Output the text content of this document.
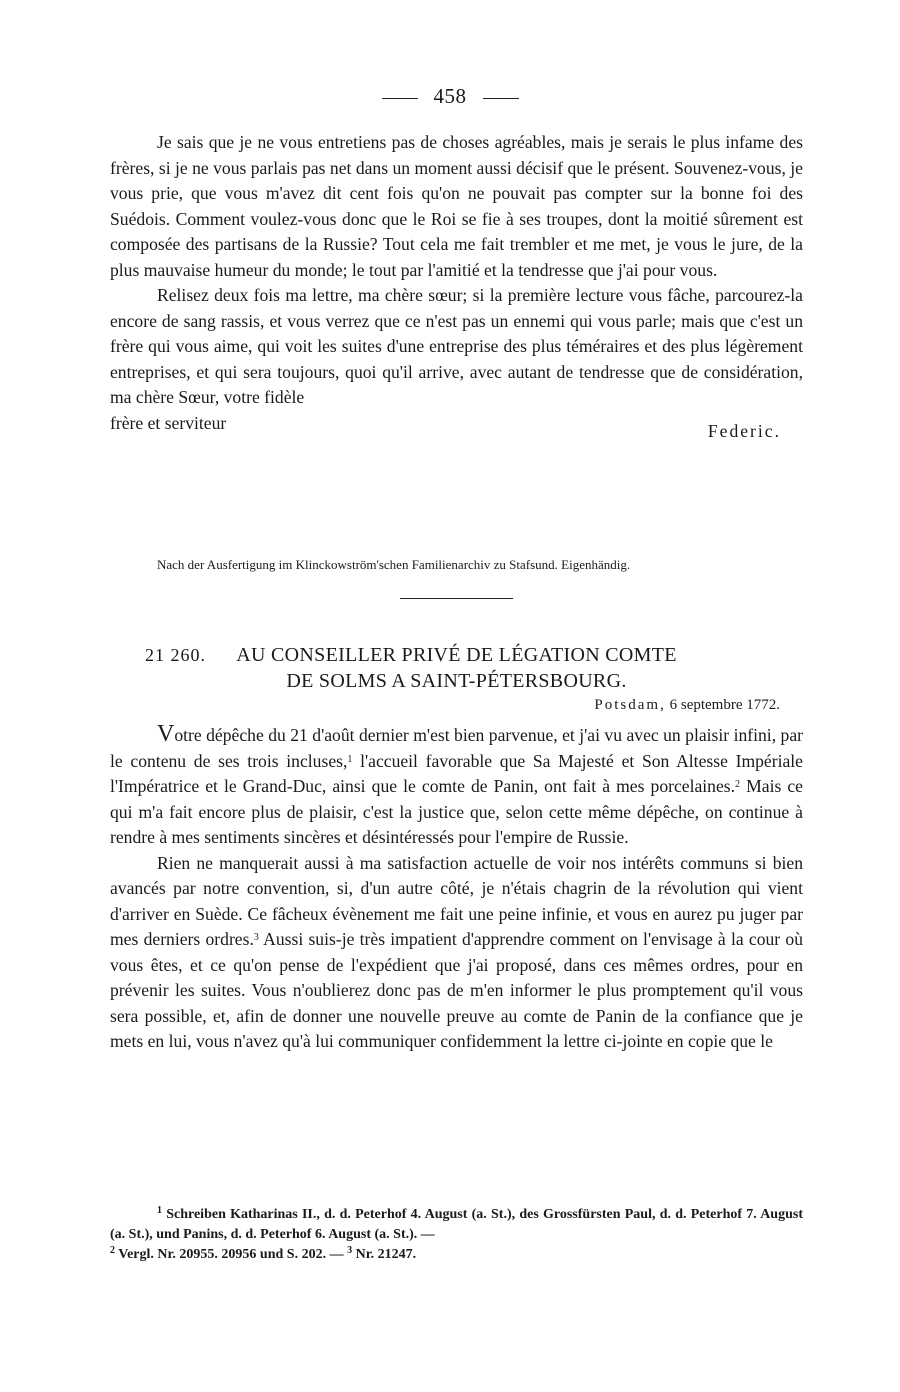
458

Je sais que je ne vous entretiens pas de choses agréables, mais je serais le plus infame des frères, si je ne vous parlais pas net dans un moment aussi décisif que le présent. Souvenez-vous, je vous prie, que vous m'avez dit cent fois qu'on ne pouvait pas compter sur la bonne foi des Suédois. Comment voulez-vous donc que le Roi se fie à ses troupes, dont la moitié sûrement est composée des partisans de la Russie? Tout cela me fait trembler et me met, je vous le jure, de la plus mauvaise humeur du monde; le tout par l'amitié et la tendresse que j'ai pour vous.

Relisez deux fois ma lettre, ma chère sœur; si la première lecture vous fâche, parcourez-la encore de sang rassis, et vous verrez que ce n'est pas un ennemi qui vous parle; mais que c'est un frère qui vous aime, qui voit les suites d'une entreprise des plus téméraires et des plus légèrement entreprises, et qui sera toujours, quoi qu'il arrive, avec autant de tendresse que de considération, ma chère Sœur, votre fidèle

frère et serviteur	Federic.
Nach der Ausfertigung im Klinckowström'schen Familienarchiv zu Stafsund. Eigenhändig.
21 260.	AU CONSEILLER PRIVÉ DE LÉGATION COMTE
DE SOLMS A SAINT-PÉTERSBOURG.
Potsdam, 6 septembre 1772.

Votre dépêche du 21 d'août dernier m'est bien parvenue, et j'ai vu avec un plaisir infini, par le contenu de ses trois incluses,$^1$ l'accueil favorable que Sa Majesté et Son Altesse Impériale l'Impératrice et le Grand-Duc, ainsi que le comte de Panin, ont fait à mes porcelaines.$^2$ Mais ce qui m'a fait encore plus de plaisir, c'est la justice que, selon cette même dépêche, on continue à rendre à mes sentiments sincères et désintéressés pour l'empire de Russie.

Rien ne manquerait aussi à ma satisfaction actuelle de voir nos intérêts communs si bien avancés par notre convention, si, d'un autre côté, je n'étais chagrin de la révolution qui vient d'arriver en Suède. Ce fâcheux évènement me fait une peine infinie, et vous en aurez pu juger par mes derniers ordres.$^3$ Aussi suis-je très impatient d'apprendre comment on l'envisage à la cour où vous êtes, et ce qu'on pense de l'expédient que j'ai proposé, dans ces mêmes ordres, pour en prévenir les suites. Vous n'oublierez donc pas de m'en informer le plus promptement qu'il vous sera possible, et, afin de donner une nouvelle preuve au comte de Panin de la confiance que je mets en lui, vous n'avez qu'à lui communiquer confidemment la lettre ci-jointe en copie que le

$^1$ Schreiben Katharinas II., d. d. Peterhof 4. August (a. St.), des Grossfürsten Paul, d. d. Peterhof 7. August (a. St.), und Panins, d. d. Peterhof 6. August (a. St.). —

$^2$ Vergl. Nr. 20955. 20956 und S. 202. — $^3$ Nr. 21247.
